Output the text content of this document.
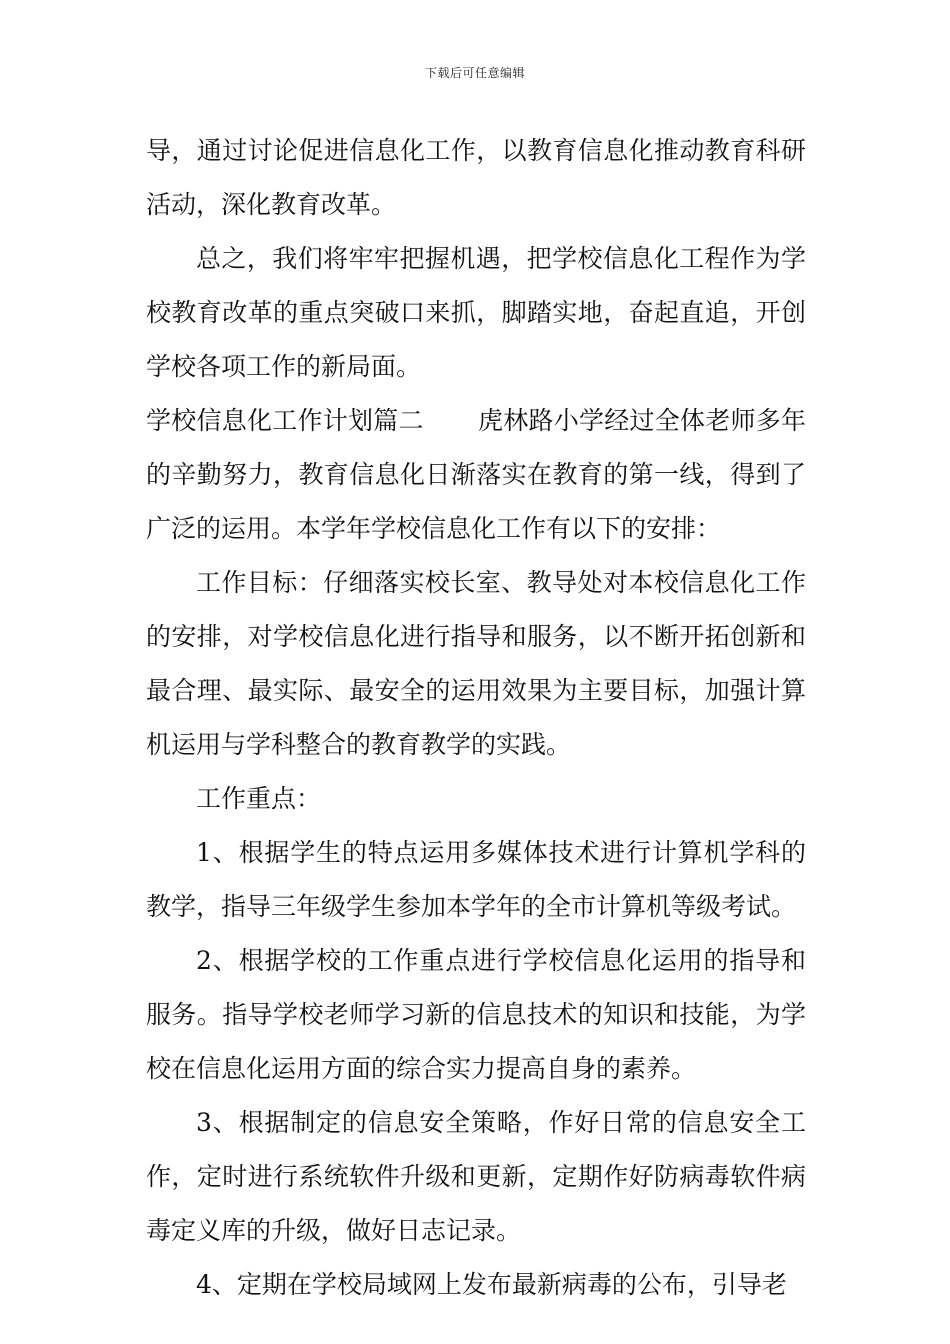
下载后可任意编辑

导，通过讨论促进信息化工作，以教育信息化推动教育科研活动，深化教育改革。

总之，我们将牢牢把握机遇，把学校信息化工程作为学校教育改革的重点突破口来抓，脚踏实地，奋起直追，开创学校各项工作的新局面。

学校信息化工作计划篇二 虎林路小学经过全体老师多年的辛勤努力，教育信息化日渐落实在教育的第一线，得到了广泛的运用。本学年学校信息化工作有以下的安排：

工作目标：仔细落实校长室、教导处对本校信息化工作的安排，对学校信息化进行指导和服务，以不断开拓创新和最合理、最实际、最安全的运用效果为主要目标，加强计算机运用与学科整合的教育教学的实践。

工作重点：

1、根据学生的特点运用多媒体技术进行计算机学科的教学，指导三年级学生参加本学年的全市计算机等级考试。

2、根据学校的工作重点进行学校信息化运用的指导和服务。指导学校老师学习新的信息技术的知识和技能，为学校在信息化运用方面的综合实力提高自身的素养。

3、根据制定的信息安全策略，作好日常的信息安全工作，定时进行系统软件升级和更新，定期作好防病毒软件病毒定义库的升级，做好日志记录。

4、定期在学校局域网上发布最新病毒的公布，引导老
